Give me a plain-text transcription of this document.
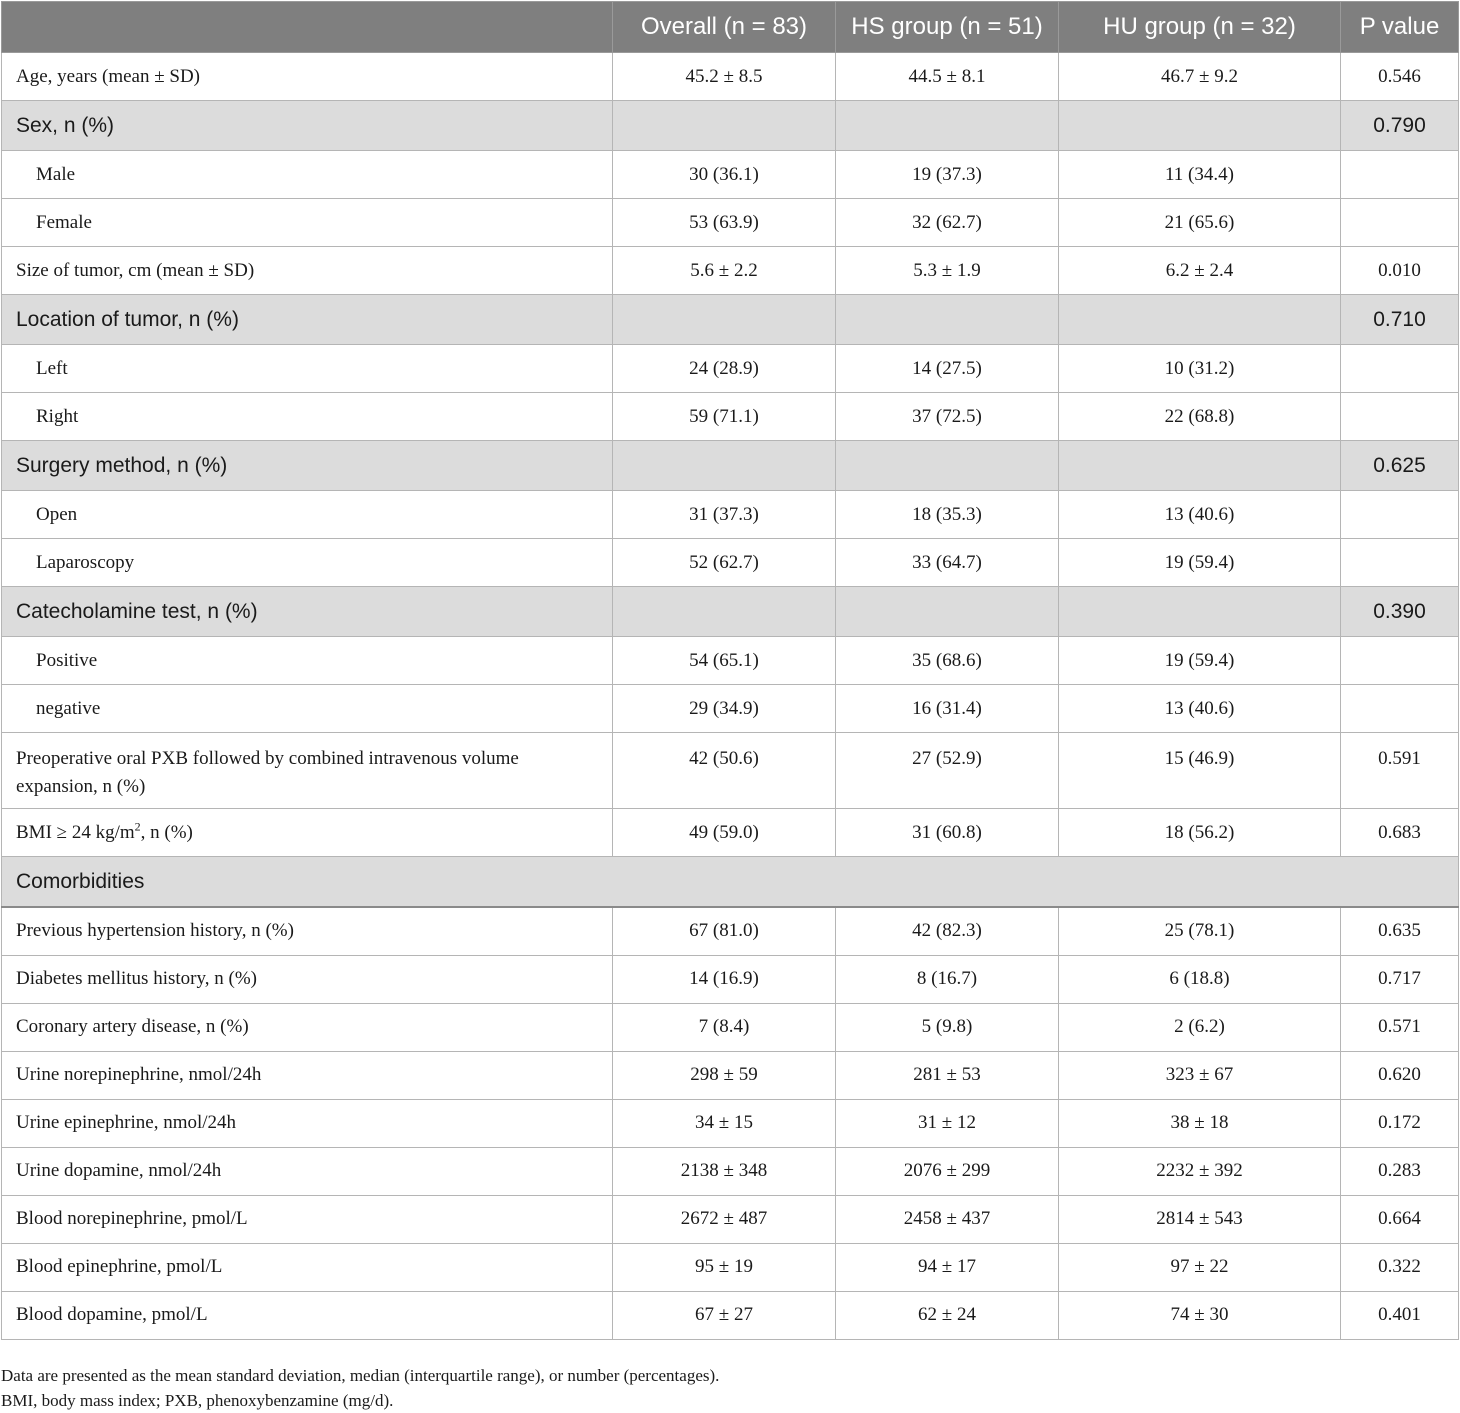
	Overall (n = 83)	HS group (n = 51)	HU group (n = 32)	P value
Age, years (mean ± SD)	45.2 ± 8.5	44.5 ± 8.1	46.7 ± 9.2	0.546
Sex, n (%)				0.790
Male	30 (36.1)	19 (37.3)	11 (34.4)	
Female	53 (63.9)	32 (62.7)	21 (65.6)	
Size of tumor, cm (mean ± SD)	5.6 ± 2.2	5.3 ± 1.9	6.2 ± 2.4	0.010
Location of tumor, n (%)				0.710
Left	24 (28.9)	14 (27.5)	10 (31.2)	
Right	59 (71.1)	37 (72.5)	22 (68.8)	
Surgery method, n (%)				0.625
Open	31 (37.3)	18 (35.3)	13 (40.6)	
Laparoscopy	52 (62.7)	33 (64.7)	19 (59.4)	
Catecholamine test, n (%)				0.390
Positive	54 (65.1)	35 (68.6)	19 (59.4)	
negative	29 (34.9)	16 (31.4)	13 (40.6)	
Preoperative oral PXB followed by combined intravenous volume expansion, n (%)	42 (50.6)	27 (52.9)	15 (46.9)	0.591
BMI ≥ 24 $kg/m^2$, n (%)	49 (59.0)	31 (60.8)	18 (56.2)	0.683
Comorbidities				
Previous hypertension history, n (%)	67 (81.0)	42 (82.3)	25 (78.1)	0.635
Diabetes mellitus history, n (%)	14 (16.9)	8 (16.7)	6 (18.8)	0.717
Coronary artery disease, n (%)	7 (8.4)	5 (9.8)	2 (6.2)	0.571
Urine norepinephrine, nmol/24h	298 ± 59	281 ± 53	323 ± 67	0.620
Urine epinephrine, nmol/24h	34 ± 15	31 ± 12	38 ± 18	0.172
Urine dopamine, nmol/24h	2138 ± 348	2076 ± 299	2232 ± 392	0.283
Blood norepinephrine, pmol/L	2672 ± 487	2458 ± 437	2814 ± 543	0.664
Blood epinephrine, pmol/L	95 ± 19	94 ± 17	97 ± 22	0.322
Blood dopamine, pmol/L	67 ± 27	62 ± 24	74 ± 30	0.401
Data are presented as the mean standard deviation, median (interquartile range), or number (percentages).
BMI, body mass index; PXB, phenoxybenzamine (mg/d).
